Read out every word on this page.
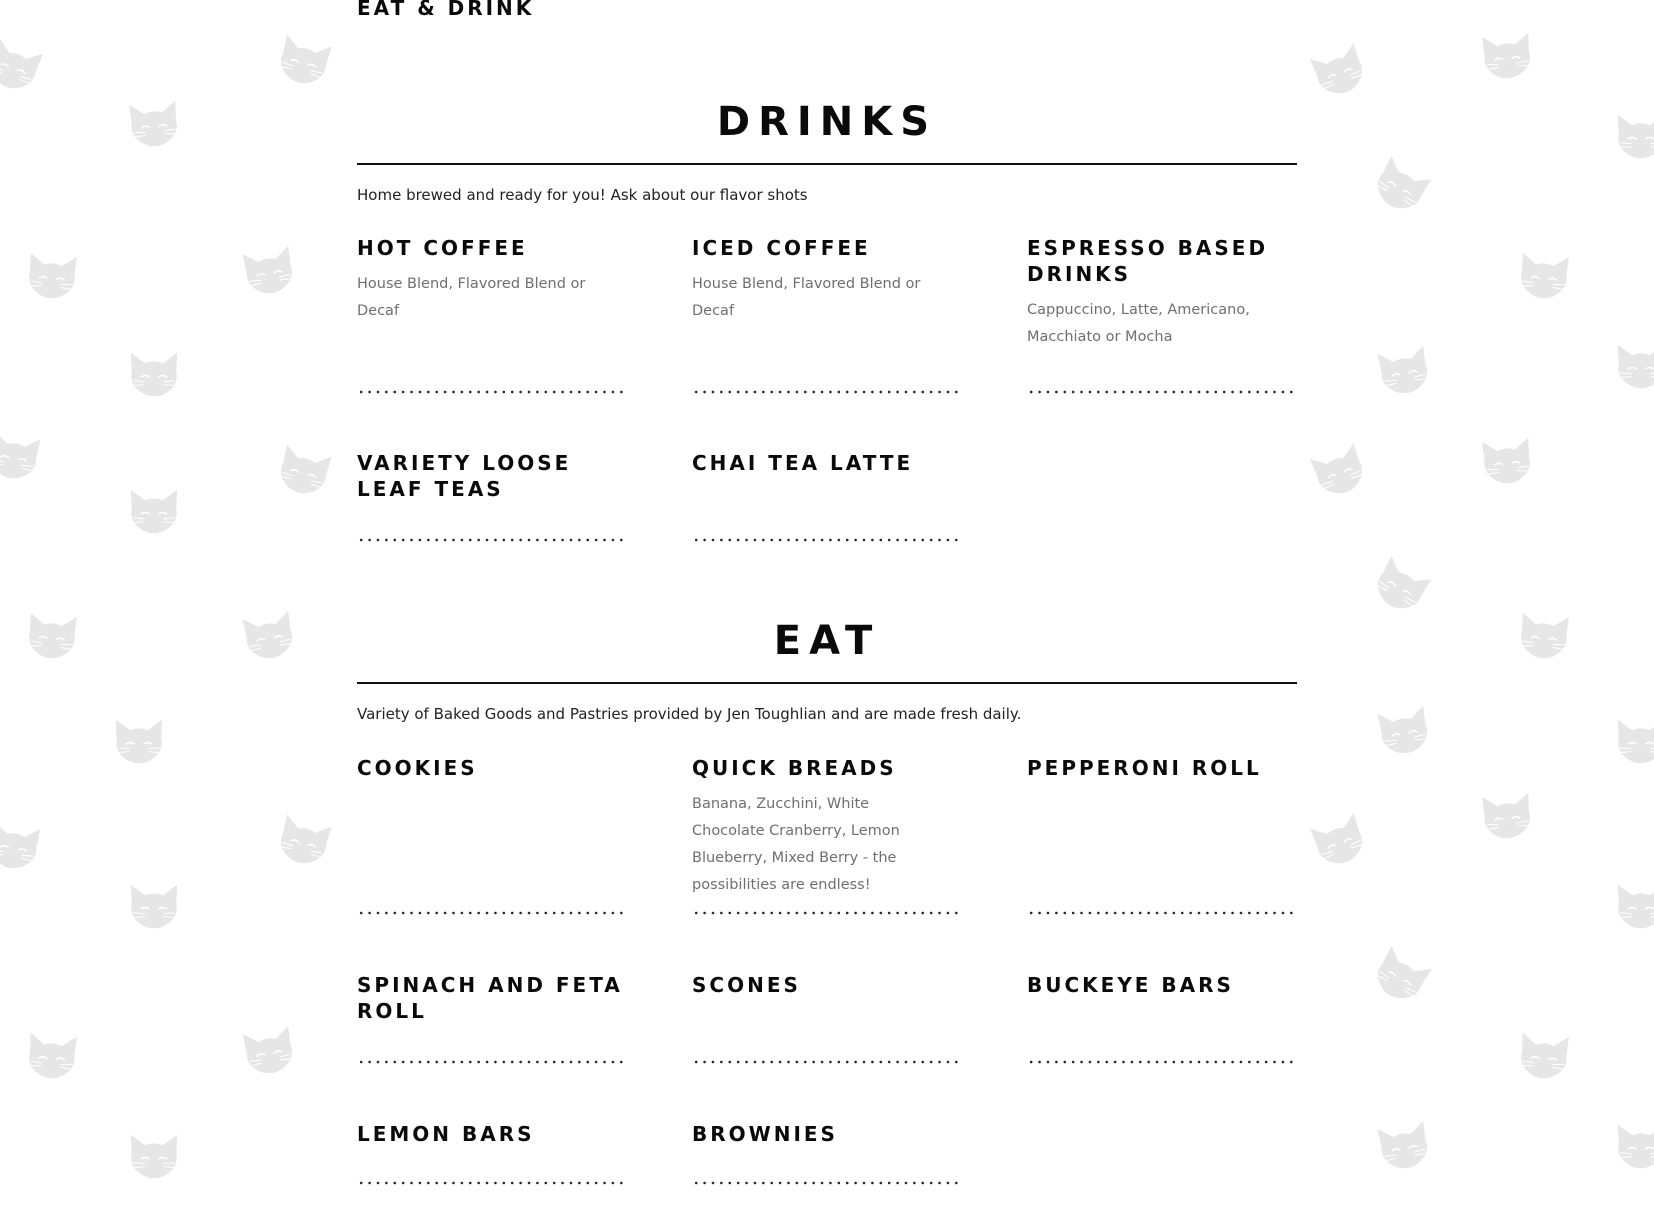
EAT & DRINK
DRINKS

Home brewed and ready for you! Ask about our flavor shots

HOT COFFEE

House Blend, Flavored Blend or Decaf

ICED COFFEE

House Blend, Flavored Blend or Decaf

ESPRESSO BASED DRINKS

Cappuccino, Latte, Americano, Macchiato or Mocha

VARIETY LOOSE LEAF TEAS
CHAI TEA LATTE
EAT

Variety of Baked Goods and Pastries provided by Jen Toughlian and are made fresh daily.

COOKIES	QUICK BREADS

Banana, Zucchini, White Chocolate Cranberry, Lemon Blueberry, Mixed Berry - the possibilities are endless!

PEPPERONI ROLL
SPINACH AND FETA ROLL
SCONES	BUCKEYE BARS
LEMON BARS	BROWNIES
